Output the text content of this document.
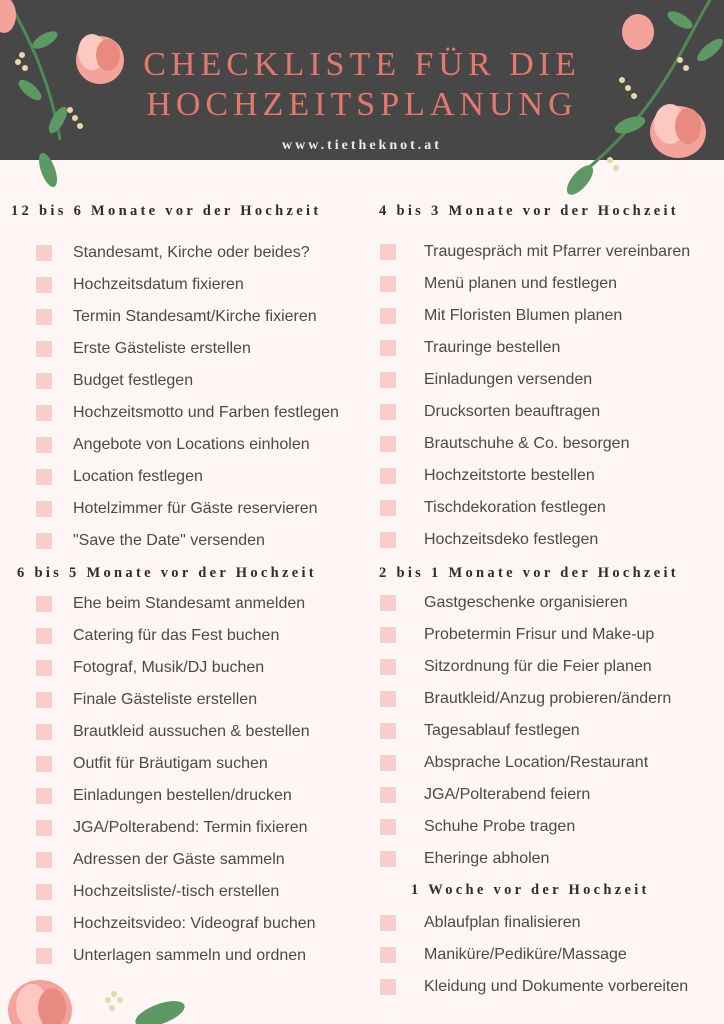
CHECKLISTE FÜR DIE
HOCHZEITSPLANUNG
www.tietheknot.at
12 bis 6 Monate vor der Hochzeit
Standesamt, Kirche oder beides?
Hochzeitsdatum fixieren
Termin Standesamt/Kirche fixieren
Erste Gästeliste erstellen
Budget festlegen
Hochzeitsmotto und Farben festlegen
Angebote von Locations einholen
Location festlegen
Hotelzimmer für Gäste reservieren
"Save the Date" versenden
6 bis 5 Monate vor der Hochzeit
Ehe beim Standesamt anmelden
Catering für das Fest buchen
Fotograf, Musik/DJ buchen
Finale Gästeliste erstellen
Brautkleid aussuchen & bestellen
Outfit für Bräutigam suchen
Einladungen bestellen/drucken
JGA/Polterabend: Termin fixieren
Adressen der Gäste sammeln
Hochzeitsliste/-tisch erstellen
Hochzeitsvideo: Videograf buchen
Unterlagen sammeln und ordnen
4 bis 3 Monate vor der Hochzeit
Traugespräch mit Pfarrer vereinbaren
Menü planen und festlegen
Mit Floristen Blumen planen
Trauringe bestellen
Einladungen versenden
Drucksorten beauftragen
Brautschuhe & Co. besorgen
Hochzeitstorte bestellen
Tischdekoration festlegen
Hochzeitsdeko festlegen
2 bis 1 Monate vor der Hochzeit
Gastgeschenke organisieren
Probetermin Frisur und Make-up
Sitzordnung für die Feier planen
Brautkleid/Anzug probieren/ändern
Tagesablauf festlegen
Absprache Location/Restaurant
JGA/Polterabend feiern
Schuhe Probe tragen
Eheringe abholen
1 Woche vor der Hochzeit
Ablaufplan finalisieren
Maniküre/Pediküre/Massage
Kleidung und Dokumente vorbereiten
